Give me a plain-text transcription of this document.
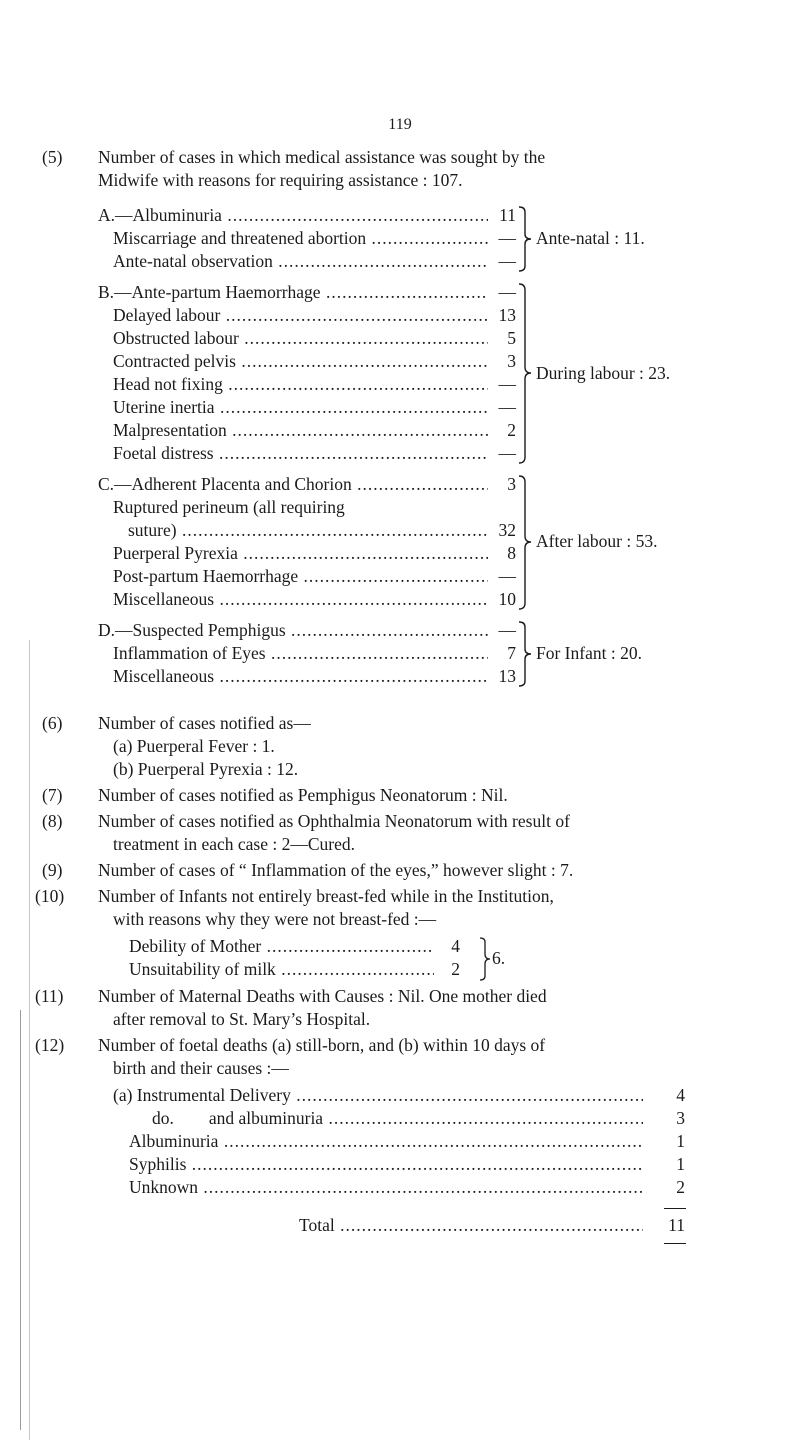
119
(5) Number of cases in which medical assistance was sought by the
Midwife with reasons for requiring assistance : 107.
A.—Albuminuria .....	11
Miscarriage and threatened abortion .....	—
Ante-natal observation .....	—
Ante-natal : 11.
B.—Ante-partum Haemorrhage .....	—
Delayed labour .....	13
Obstructed labour .....	5
Contracted pelvis .....	3
Head not fixing .....	—
Uterine inertia .....	—
Malpresentation .....	2
Foetal distress .....	—
During labour : 23.
C.—Adherent Placenta and Chorion .....	3
Ruptured perineum (all requiring
suture) .....	32
Puerperal Pyrexia .....	8
Post-partum Haemorrhage .....	—
Miscellaneous .....	10
After labour : 53.
D.—Suspected Pemphigus .....	—
Inflammation of Eyes .....	7
Miscellaneous .....	13
For Infant : 20.
(6) Number of cases notified as—
(a) Puerperal Fever : 1.
(b) Puerperal Pyrexia : 12.
(7) Number of cases notified as Pemphigus Neonatorum : Nil.
(8) Number of cases notified as Ophthalmia Neonatorum with result of
treatment in each case : 2—Cured.
(9) Number of cases of “ Inflammation of the eyes,” however slight : 7.
(10) Number of Infants not entirely breast-fed while in the Institution,
with reasons why they were not breast-fed :—
Debility of Mother .....	4
Unsuitability of milk .....	2
6.
(11) Number of Maternal Deaths with Causes : Nil. One mother died
after removal to St. Mary’s Hospital.
(12) Number of foetal deaths (a) still-born, and (b) within 10 days of
birth and their causes :—
(a) Instrumental Delivery .....	4
do.        and albuminuria .....	3
Albuminuria .....	1
Syphilis .....	1
Unknown .....	2
Total .....	11
